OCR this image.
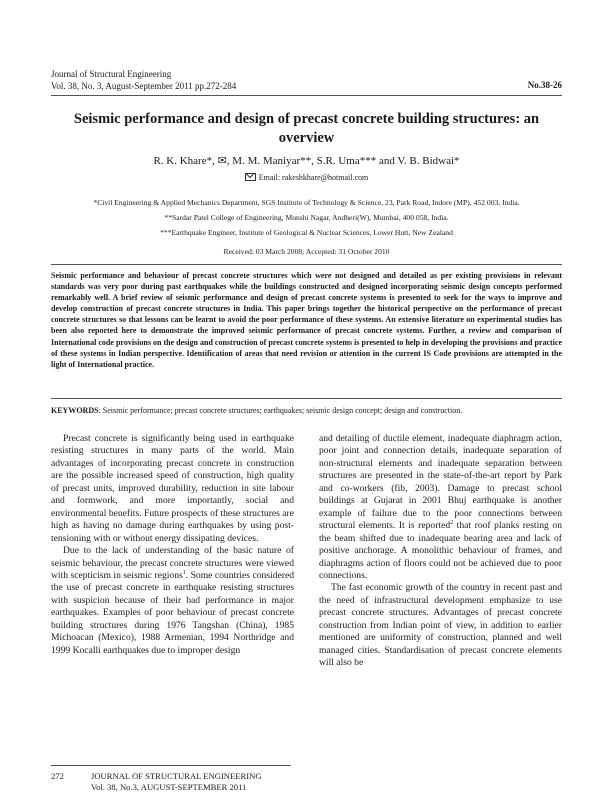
Journal of Structural Engineering
Vol. 38, No. 3, August-September 2011 pp.272-284	No.38-26
Seismic performance and design of precast concrete building structures: an overview
R. K. Khare*, ✉, M. M. Maniyar**, S.R. Uma*** and V. B. Bidwai*
Email: rakeshkhare@hotmail.com
*Civil Engineering & Applied Mechanics Department, SGS Institute of Technology & Science, 23, Park Road, Indore (MP), 452 003, India.
**Sardar Patel College of Engineering, Munshi Nagar, Andheri(W), Mumbai, 400 058, India.
***Earthquake Engineer, Institute of Geological & Nuclear Sciences, Lower Hutt, New Zealand
Received: 03 March 2008; Accepted: 31 October 2010
Seismic performance and behaviour of precast concrete structures which were not designed and detailed as per existing provisions in relevant standards was very poor during past earthquakes while the buildings constructed and designed incorporating seismic design concepts performed remarkably well. A brief review of seismic performance and design of precast concrete systems is presented to seek for the ways to improve and develop construction of precast concrete structures in India. This paper brings together the historical perspective on the performance of precast concrete structures so that lessons can be learnt to avoid the poor performance of these systems. An extensive literature on experimental studies has been also reported here to demonstrate the improved seismic performance of precast concrete systems. Further, a review and comparison of International code provisions on the design and construction of precast concrete systems is presented to help in developing the provisions and practice of these systems in Indian perspective. Identification of areas that need revision or attention in the current IS Code provisions are attempted in the light of International practice.
KEYWORDS: Seismic performance; precast concrete structures; earthquakes; seismic design concept; design and construction.

Precast concrete is significantly being used in earthquake resisting structures in many parts of the world. Main advantages of incorporating precast concrete in construction are the possible increased speed of construction, high quality of precast units, improved durability, reduction in site labour and formwork, and more importantly, social and environmental benefits. Future prospects of these structures are high as having no damage during earthquakes by using post-tensioning with or without energy dissipating devices.

Due to the lack of understanding of the basic nature of seismic behaviour, the precast concrete structures were viewed with scepticism in seismic regions$^1$. Some countries considered the use of precast concrete in earthquake resisting structures with suspicion because of their bad performance in major earthquakes. Examples of poor behaviour of precast concrete building structures during 1976 Tangshan (China), 1985 Michoacan (Mexico), 1988 Armenian, 1994 Northridge and 1999 Kocalli earthquakes due to improper design

and detailing of ductile element, inadequate diaphragm action, poor joint and connection details, inadequate separation of non-structural elements and inadequate separation between structures are presented in the state-of-the-art report by Park and co-workers (fib, 2003). Damage to precast school buildings at Gujarat in 2001 Bhuj earthquake is another example of failure due to the poor connections between structural elements. It is reported$^2$ that roof planks resting on the beam shifted due to inadequate bearing area and lack of positive anchorage. A monolithic behaviour of frames, and diaphragms action of floors could not be achieved due to poor connections.

The fast economic growth of the country in recent past and the need of infrastructural development emphasize to use precast concrete structures. Advantages of precast concrete construction from Indian point of view, in addition to earlier mentioned are uniformity of construction, planned and well managed cities. Standardisation of precast concrete elements will also be

272	JOURNAL OF STRUCTURAL ENGINEERING
Vol. 38, No.3, AUGUST-SEPTEMBER 2011
